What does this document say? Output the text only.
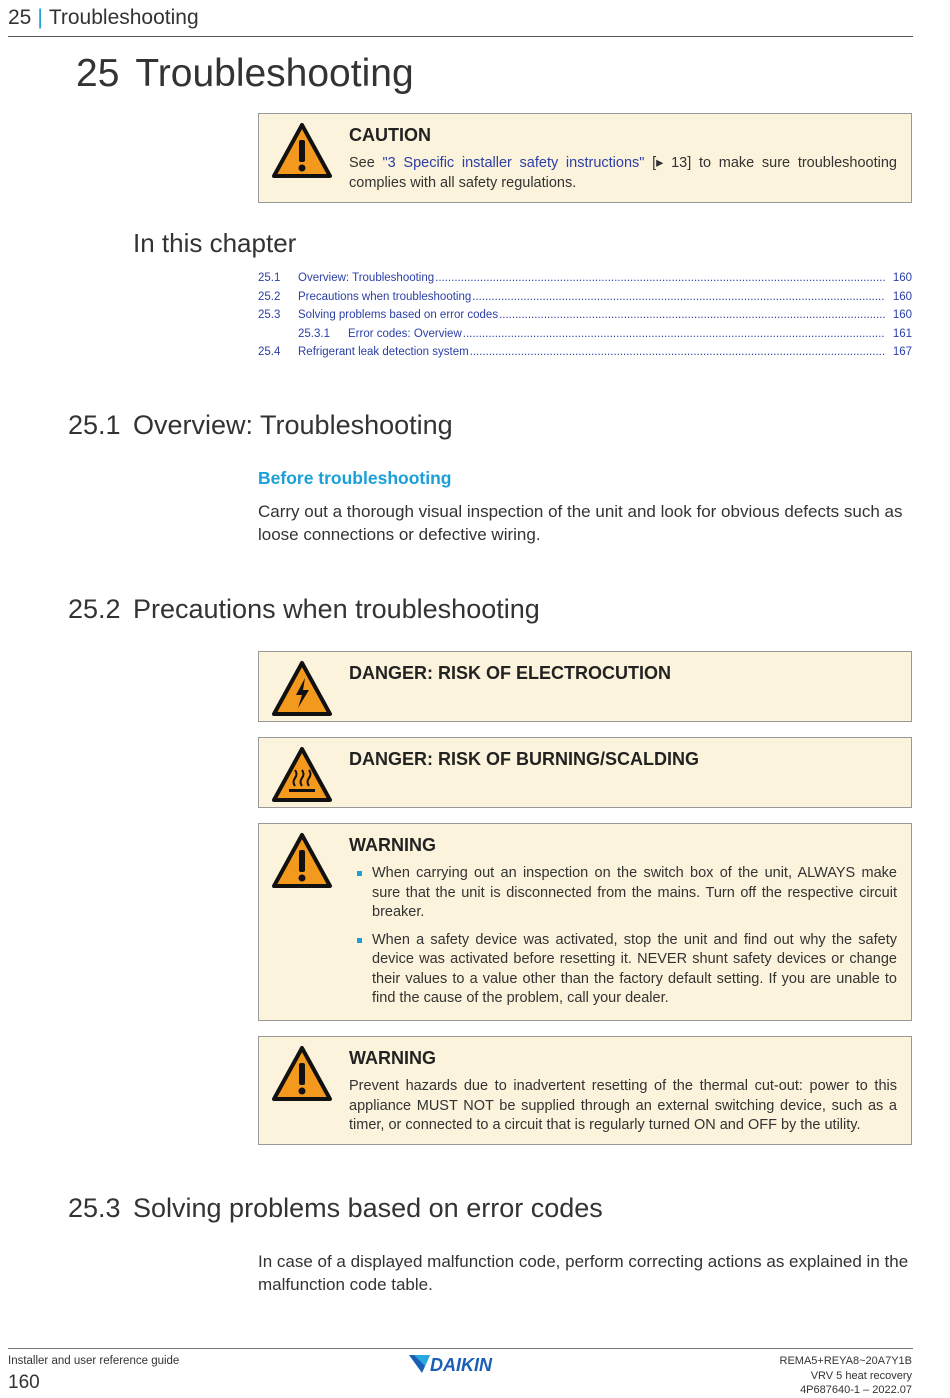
25 | Troubleshooting
25 Troubleshooting
CAUTION

See "3 Specific installer safety instructions" [▸ 13] to make sure troubleshooting complies with all safety regulations.

In this chapter
25.1	Overview: Troubleshooting .....	160
25.2	Precautions when troubleshooting .....	160
25.3	Solving problems based on error codes .....	160
25.3.1	Error codes: Overview .....	161
25.4	Refrigerant leak detection system .....	167
25.1 Overview: Troubleshooting
Before troubleshooting
Carry out a thorough visual inspection of the unit and look for obvious defects such as loose connections or defective wiring.
25.2 Precautions when troubleshooting
DANGER: RISK OF ELECTROCUTION
DANGER: RISK OF BURNING/SCALDING
WARNING
When carrying out an inspection on the switch box of the unit, ALWAYS make sure that the unit is disconnected from the mains. Turn off the respective circuit breaker.
When a safety device was activated, stop the unit and find out why the safety device was activated before resetting it. NEVER shunt safety devices or change their values to a value other than the factory default setting. If you are unable to find the cause of the problem, call your dealer.
WARNING

Prevent hazards due to inadvertent resetting of the thermal cut-out: power to this appliance MUST NOT be supplied through an external switching device, such as a timer, or connected to a circuit that is regularly turned ON and OFF by the utility.

25.3 Solving problems based on error codes
In case of a displayed malfunction code, perform correcting actions as explained in the malfunction code table.
Installer and user reference guide
160
DAIKIN	REMA5+REYA8~20A7Y1B
VRV 5 heat recovery
4P687640-1 – 2022.07
